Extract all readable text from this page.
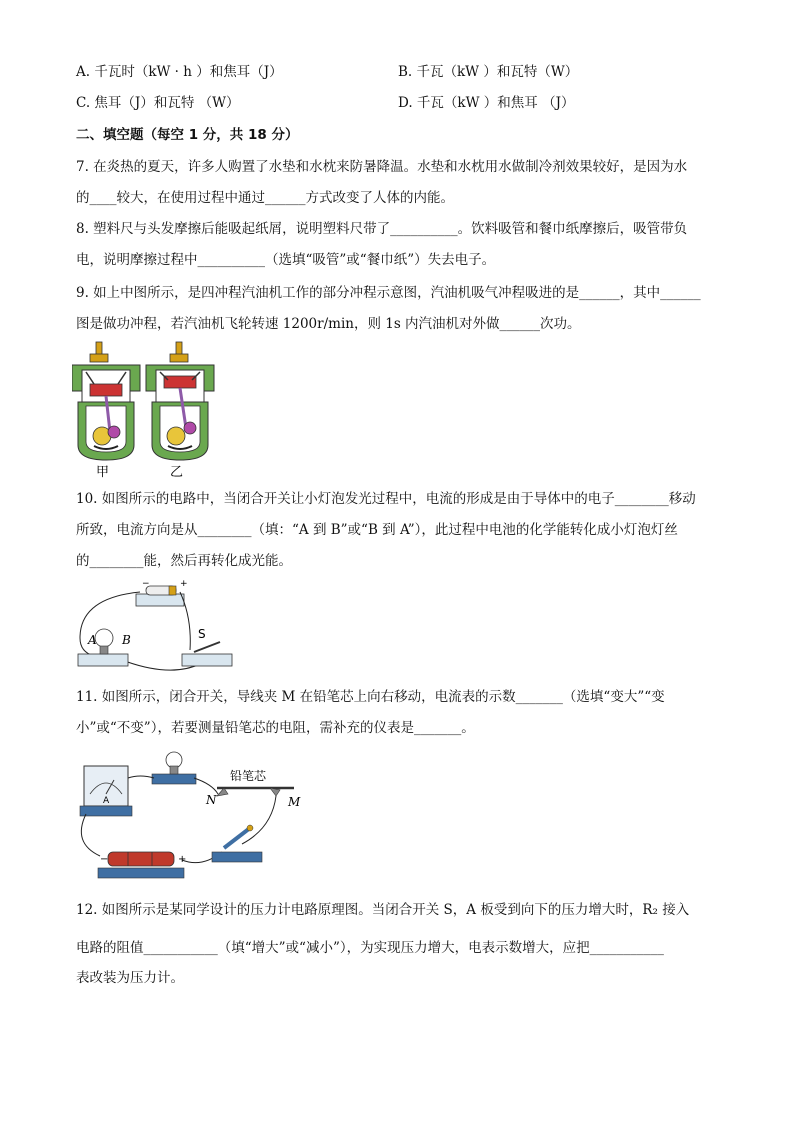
A. 千瓦时（kW · h ）和焦耳（J）	B. 千瓦（kW ）和瓦特（W）
C. 焦耳（J）和瓦特 （W）	D. 千瓦（kW ）和焦耳 （J）
二、填空题（每空 1 分，共 18 分）
7. 在炎热的夏天，许多人购置了水垫和水枕来防暑降温。水垫和水枕用水做制冷剂效果较好，是因为水
的____较大，在使用过程中通过______方式改变了人体的内能。
8. 塑料尺与头发摩擦后能吸起纸屑，说明塑料尺带了__________。饮料吸管和餐巾纸摩擦后，吸管带负
电，说明摩擦过程中__________（选填“吸管”或“餐巾纸”）失去电子。
9. 如上中图所示，是四冲程汽油机工作的部分冲程示意图，汽油机吸气冲程吸进的是______，其中______
图是做功冲程，若汽油机飞轮转速 1200r/min，则 1s 内汽油机对外做______次功。
甲	乙
10. 如图所示的电路中，当闭合开关让小灯泡发光过程中，电流的形成是由于导体中的电子________移动
所致，电流方向是从________（填：“A 到 B”或“B 到 A”），此过程中电池的化学能转化成小灯泡灯丝
的________能，然后再转化成光能。
−	+
A B	S
11. 如图所示，闭合开关，导线夹 M 在铅笔芯上向右移动，电流表的示数_______（选填“变大”“变
小”或“不变”），若要测量铅笔芯的电阻，需补充的仪表是_______。
A
铅笔芯
N	M
−	+
12. 如图所示是某同学设计的压力计电路原理图。当闭合开关 S，A 板受到向下的压力增大时，R₂ 接入
电路的阻值___________（填“增大”或“减小”），为实现压力增大，电表示数增大，应把___________
表改装为压力计。
